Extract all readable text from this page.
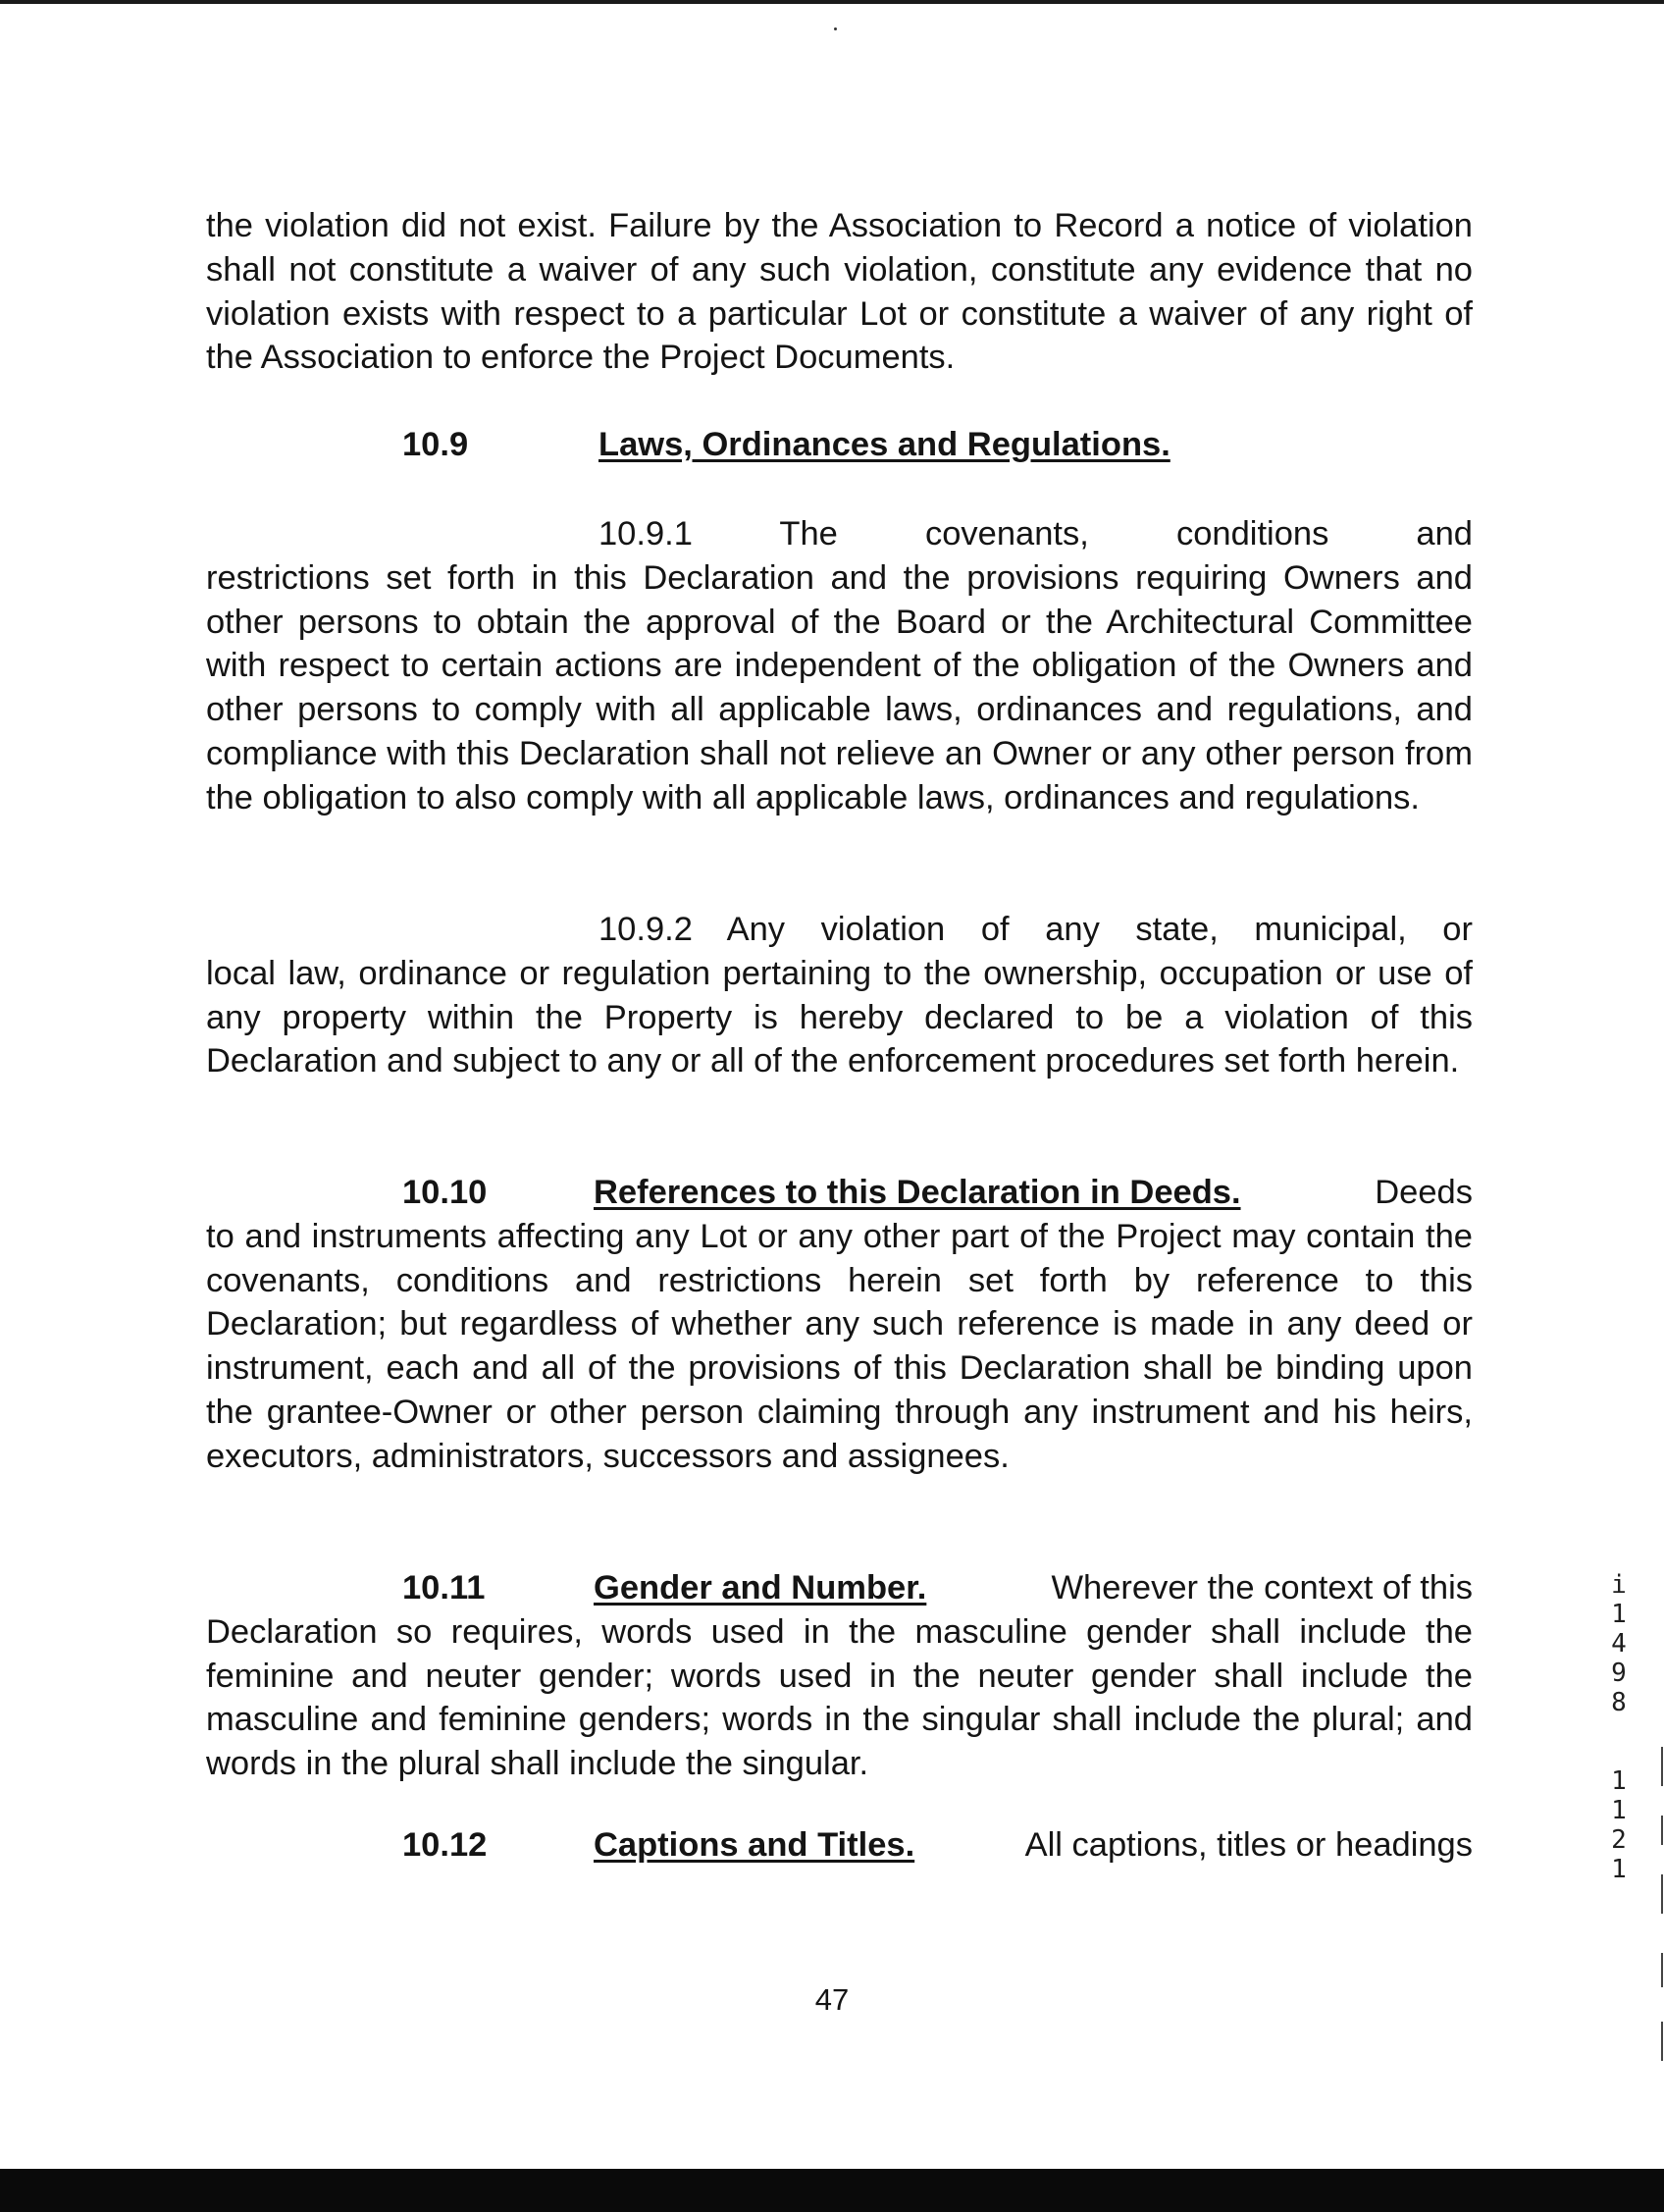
the violation did not exist. Failure by the Association to Record a notice of violation shall not constitute a waiver of any such violation, constitute any evidence that no violation exists with respect to a particular Lot or constitute a waiver of any right of the Association to enforce the Project Documents.
10.9	Laws, Ordinances and Regulations.
10.9.1 The covenants, conditions and
restrictions set forth in this Declaration and the provisions requiring Owners and other persons to obtain the approval of the Board or the Architectural Committee with respect to certain actions are independent of the obligation of the Owners and other persons to comply with all applicable laws, ordinances and regulations, and compliance with this Declaration shall not relieve an Owner or any other person from the obligation to also comply with all applicable laws, ordinances and regulations.
10.9.2 Any violation of any state, municipal, or
local law, ordinance or regulation pertaining to the ownership, occupation or use of any property within the Property is hereby declared to be a violation of this Declaration and subject to any or all of the enforcement procedures set forth herein.
10.10	References to this Declaration in Deeds.	Deeds
to and instruments affecting any Lot or any other part of the Project may contain the covenants, conditions and restrictions herein set forth by reference to this Declaration; but regardless of whether any such reference is made in any deed or instrument, each and all of the provisions of this Declaration shall be binding upon the grantee-Owner or other person claiming through any instrument and his heirs, executors, administrators, successors and assignees.
10.11	Gender and Number.	Wherever the context of this
Declaration so requires, words used in the masculine gender shall include the feminine and neuter gender; words used in the neuter gender shall include the masculine and feminine genders; words in the singular shall include the plural; and words in the plural shall include the singular.
10.12	Captions and Titles.	All captions, titles or headings
47
i
1
4
9
8
1
1
2
1
